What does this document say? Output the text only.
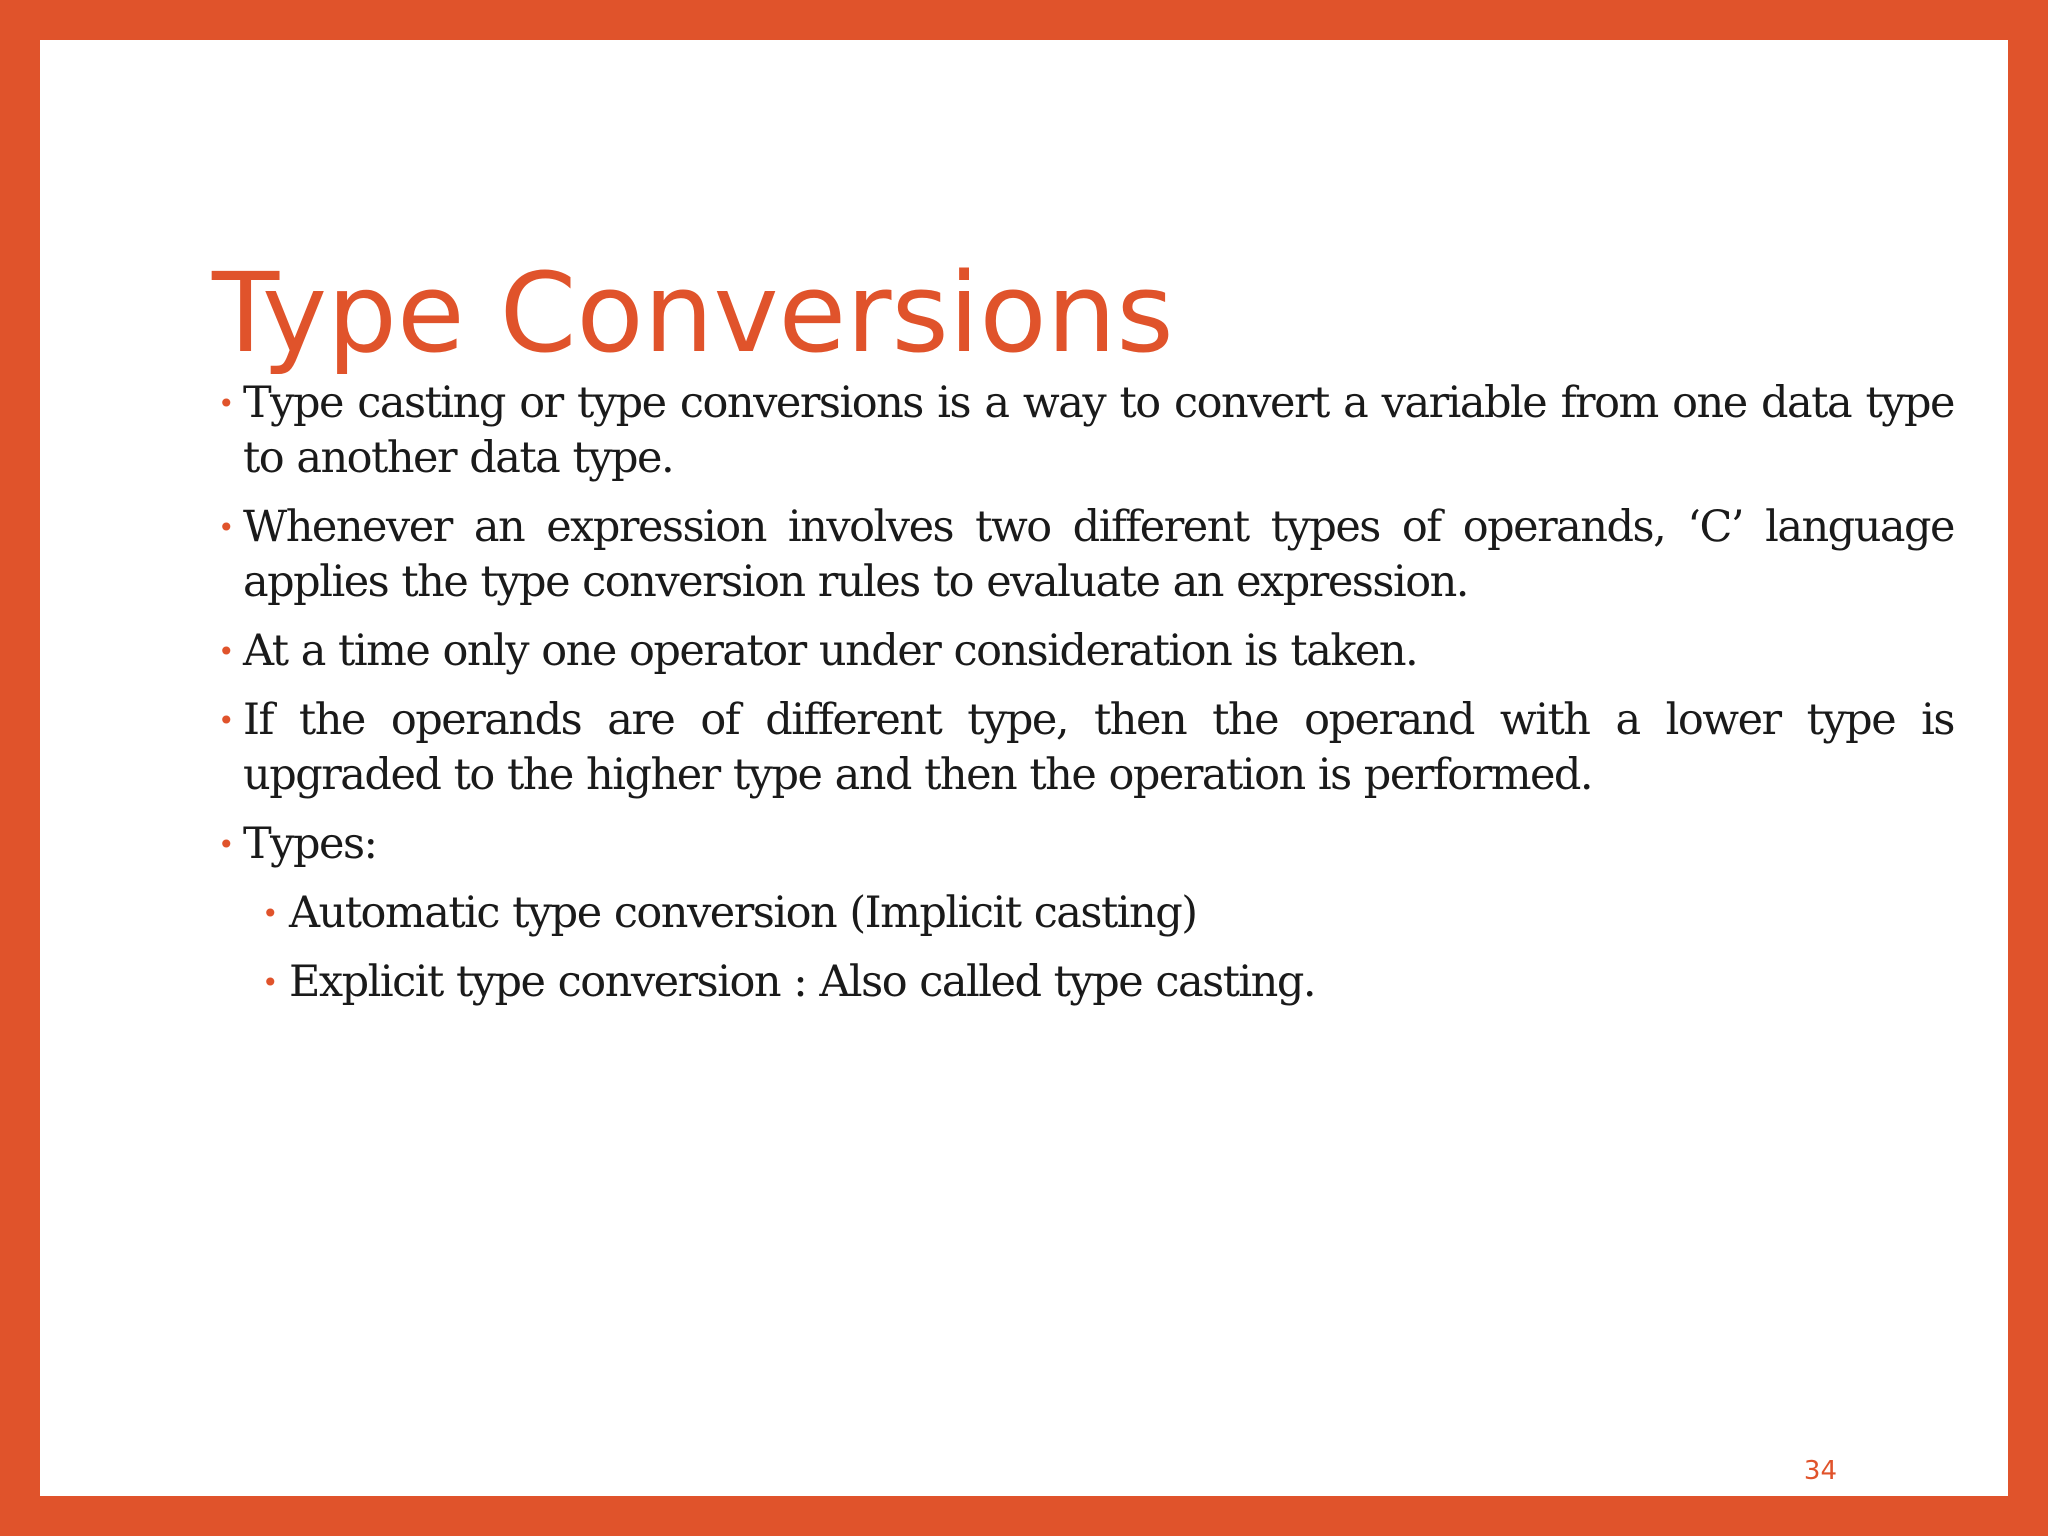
Type Conversions
• Type casting or type conversions is a way to convert a variable from one data type to another data type.
• Whenever an expression involves two different types of operands, ‘C’ language applies the type conversion rules to evaluate an expression.
• At a time only one operator under consideration is taken.
• If the operands are of different type, then the operand with a lower type is upgraded to the higher type and then the operation is performed.
• Types:
• Automatic type conversion (Implicit casting)
• Explicit type conversion : Also called type casting.
34
